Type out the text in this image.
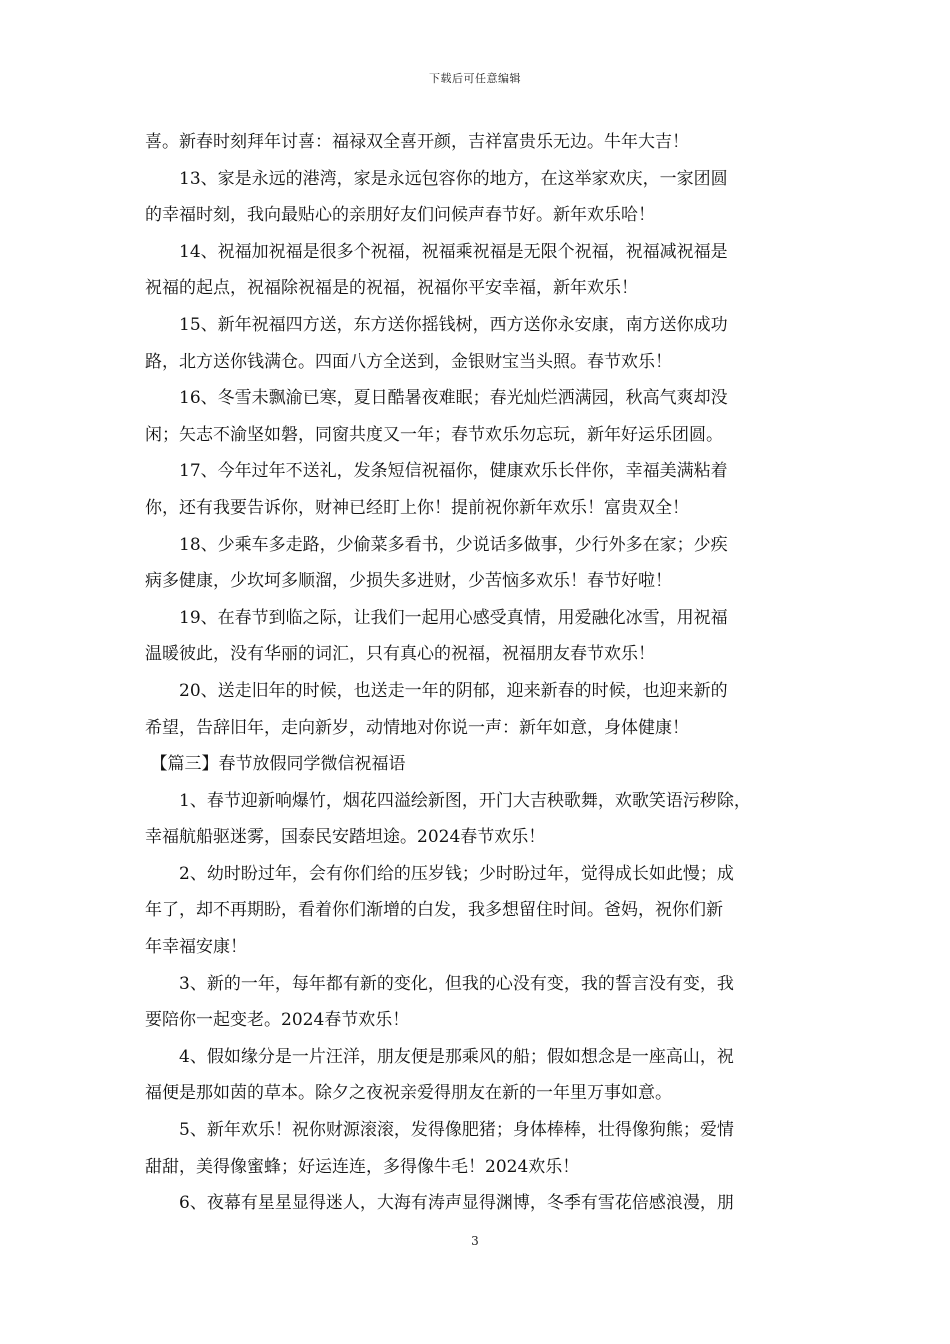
下载后可任意编辑
喜。新春时刻拜年讨喜：福禄双全喜开颜，吉祥富贵乐无边。牛年大吉！
　　13、家是永远的港湾，家是永远包容你的地方，在这举家欢庆，一家团圆
的幸福时刻，我向最贴心的亲朋好友们问候声春节好。新年欢乐哈！
　　14、祝福加祝福是很多个祝福，祝福乘祝福是无限个祝福，祝福减祝福是
祝福的起点，祝福除祝福是的祝福，祝福你平安幸福，新年欢乐！
　　15、新年祝福四方送，东方送你摇钱树，西方送你永安康，南方送你成功
路，北方送你钱满仓。四面八方全送到，金银财宝当头照。春节欢乐！
　　16、冬雪未飘渝已寒，夏日酷暑夜难眠；春光灿烂洒满园，秋高气爽却没
闲；矢志不渝坚如磐，同窗共度又一年；春节欢乐勿忘玩，新年好运乐团圆。
　　17、今年过年不送礼，发条短信祝福你，健康欢乐长伴你，幸福美满粘着
你，还有我要告诉你，财神已经盯上你！提前祝你新年欢乐！富贵双全！
　　18、少乘车多走路，少偷菜多看书，少说话多做事，少行外多在家；少疾
病多健康，少坎坷多顺溜，少损失多进财，少苦恼多欢乐！春节好啦！
　　19、在春节到临之际，让我们一起用心感受真情，用爱融化冰雪，用祝福
温暖彼此，没有华丽的词汇，只有真心的祝福，祝福朋友春节欢乐！
　　20、送走旧年的时候，也送走一年的阴郁，迎来新春的时候，也迎来新的
希望，告辞旧年，走向新岁，动情地对你说一声：新年如意，身体健康！
　【篇三】春节放假同学微信祝福语
　　1、春节迎新响爆竹，烟花四溢绘新图，开门大吉秧歌舞，欢歌笑语污秽除，
幸福航船驱迷雾，国泰民安踏坦途。2024春节欢乐！
　　2、幼时盼过年，会有你们给的压岁钱；少时盼过年，觉得成长如此慢；成
年了，却不再期盼，看着你们渐增的白发，我多想留住时间。爸妈，祝你们新
年幸福安康！
　　3、新的一年，每年都有新的变化，但我的心没有变，我的誓言没有变，我
要陪你一起变老。2024春节欢乐！
　　4、假如缘分是一片汪洋，朋友便是那乘风的船；假如想念是一座高山，祝
福便是那如茵的草本。除夕之夜祝亲爱得朋友在新的一年里万事如意。
　　5、新年欢乐！祝你财源滚滚，发得像肥猪；身体棒棒，壮得像狗熊；爱情
甜甜，美得像蜜蜂；好运连连，多得像牛毛！2024欢乐！
　　6、夜幕有星星显得迷人，大海有涛声显得渊博，冬季有雪花倍感浪漫，朋
3
